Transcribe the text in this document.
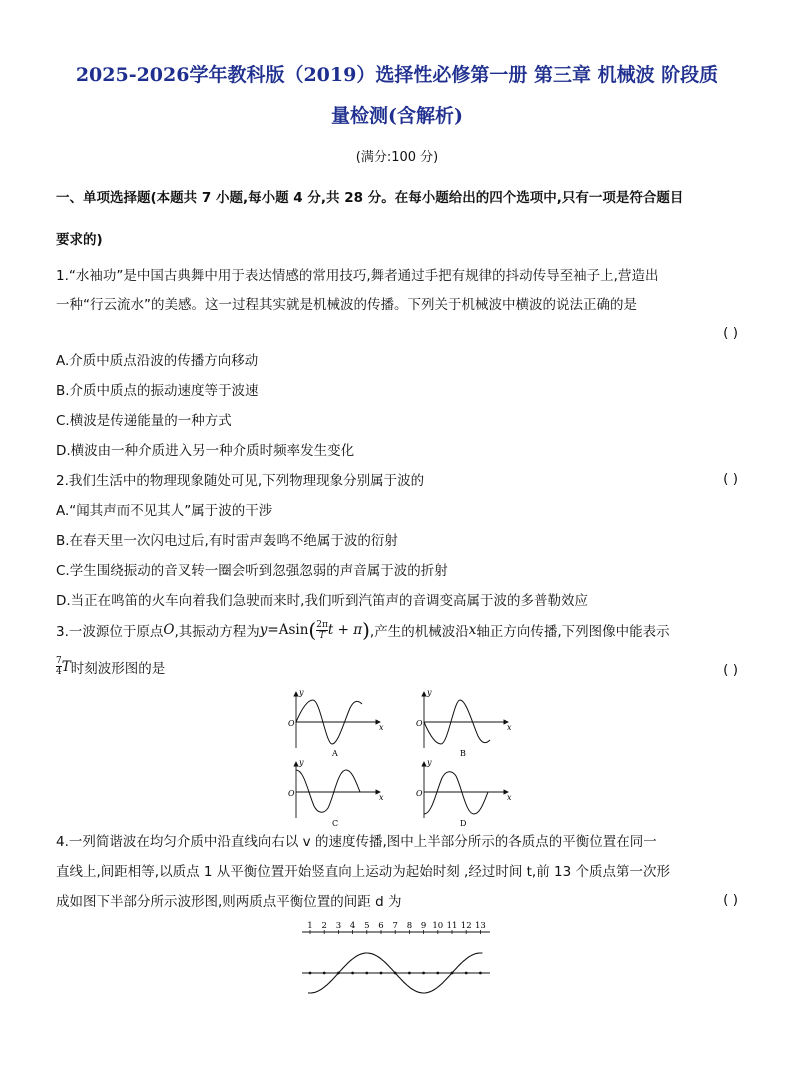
2025-2026学年教科版（2019）选择性必修第一册 第三章 机械波 阶段质
量检测(含解析)
(满分:100 分)
一、单项选择题(本题共 7 小题,每小题 4 分,共 28 分。在每小题给出的四个选项中,只有一项是符合题目
要求的)
1.“水袖功”是中国古典舞中用于表达情感的常用技巧,舞者通过手把有规律的抖动传导至袖子上,营造出
一种“行云流水”的美感。这一过程其实就是机械波的传播。下列关于机械波中横波的说法正确的是
( )
A.介质中质点沿波的传播方向移动
B.介质中质点的振动速度等于波速
C.横波是传递能量的一种方式
D.横波由一种介质进入另一种介质时频率发生变化
2.我们生活中的物理现象随处可见,下列物理现象分别属于波的	( )
A.“闻其声而不见其人”属于波的干涉
B.在春天里一次闪电过后,有时雷声轰鸣不绝属于波的衍射
C.学生围绕振动的音叉转一圈会听到忽强忽弱的声音属于波的折射
D.当正在鸣笛的火车向着我们急驶而来时,我们听到汽笛声的音调变高属于波的多普勒效应
3.一波源位于原点 O ,其振动方程为 y =Asin ( 2π
T t + π ) ,产生的机械波沿 x 轴正方向传播,下列图像中能表示
7
4 T 时刻波形图的是	( )
y
x
O
A
y
x
O
B
y
x
O
C
y
x
O
D
4.一列简谐波在均匀介质中沿直线向右以 v 的速度传播,图中上半部分所示的各质点的平衡位置在同一
直线上,间距相等,以质点 1 从平衡位置开始竖直向上运动为起始时刻 ,经过时间 t,前 13 个质点第一次形
成如图下半部分所示波形图,则两质点平衡位置的间距 d 为	( )
1 2 3 4 5 6 7 8 9 10 11 12 13
